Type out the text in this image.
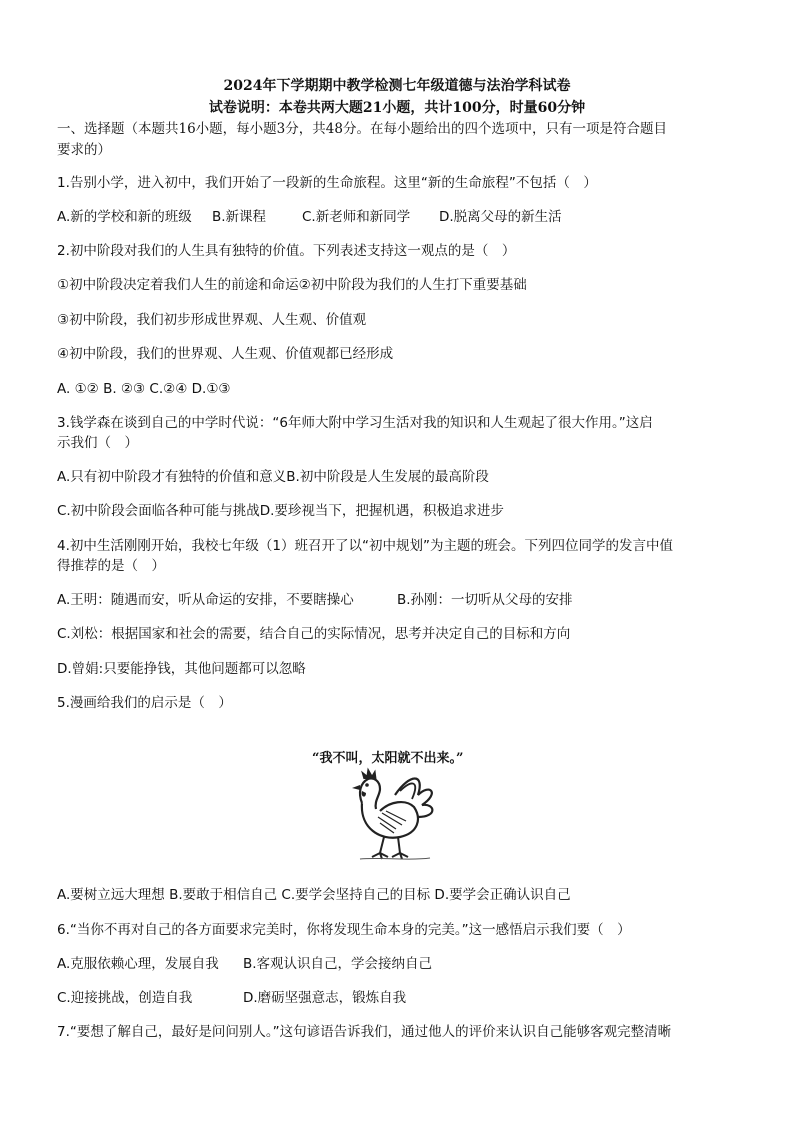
2024年下学期期中教学检测七年级道德与法治学科试卷
试卷说明：本卷共两大题21小题，共计100分，时量60分钟
一、选择题（本题共16小题，每小题3分，共48分。在每小题给出的四个选项中，只有一项是符合题目
要求的）
1.告别小学，进入初中，我们开始了一段新的生命旅程。这里“新的生命旅程”不包括（　）
A.新的学校和新的班级 B.新课程	C.新老师和新同学 D.脱离父母的新生活
2.初中阶段对我们的人生具有独特的价值。下列表述支持这一观点的是（　）
①初中阶段决定着我们人生的前途和命运②初中阶段为我们的人生打下重要基础
③初中阶段，我们初步形成世界观、人生观、价值观
④初中阶段，我们的世界观、人生观、价值观都已经形成
A. ①② B. ②③ C.②④ D.①③
3.钱学森在谈到自己的中学时代说：“6年师大附中学习生活对我的知识和人生观起了很大作用。”这启
示我们（　）
A.只有初中阶段才有独特的价值和意义B.初中阶段是人生发展的最高阶段
C.初中阶段会面临各种可能与挑战D.要珍视当下，把握机遇，积极追求进步
4.初中生活刚刚开始，我校七年级（1）班召开了以“初中规划”为主题的班会。下列四位同学的发言中值
得推荐的是（　）
A.王明：随遇而安，听从命运的安排，不要瞎操心	B.孙刚：一切听从父母的安排
C.刘松：根据国家和社会的需要，结合自己的实际情况，思考并决定自己的目标和方向
D.曾娟:只要能挣钱，其他问题都可以忽略
5.漫画给我们的启示是（　）
“我不叫，太阳就不出来。”
A.要树立远大理想 B.要敢于相信自己 C.要学会坚持自己的目标 D.要学会正确认识自己
6.“当你不再对自己的各方面要求完美时，你将发现生命本身的完美。”这一感悟启示我们要（　）
A.克服依赖心理，发展自我 B.客观认识自己，学会接纳自己
C.迎接挑战，创造自我	D.磨砺坚强意志，锻炼自我
7.“要想了解自己，最好是问问别人。”这句谚语告诉我们，通过他人的评价来认识自己能够客观完整清晰
